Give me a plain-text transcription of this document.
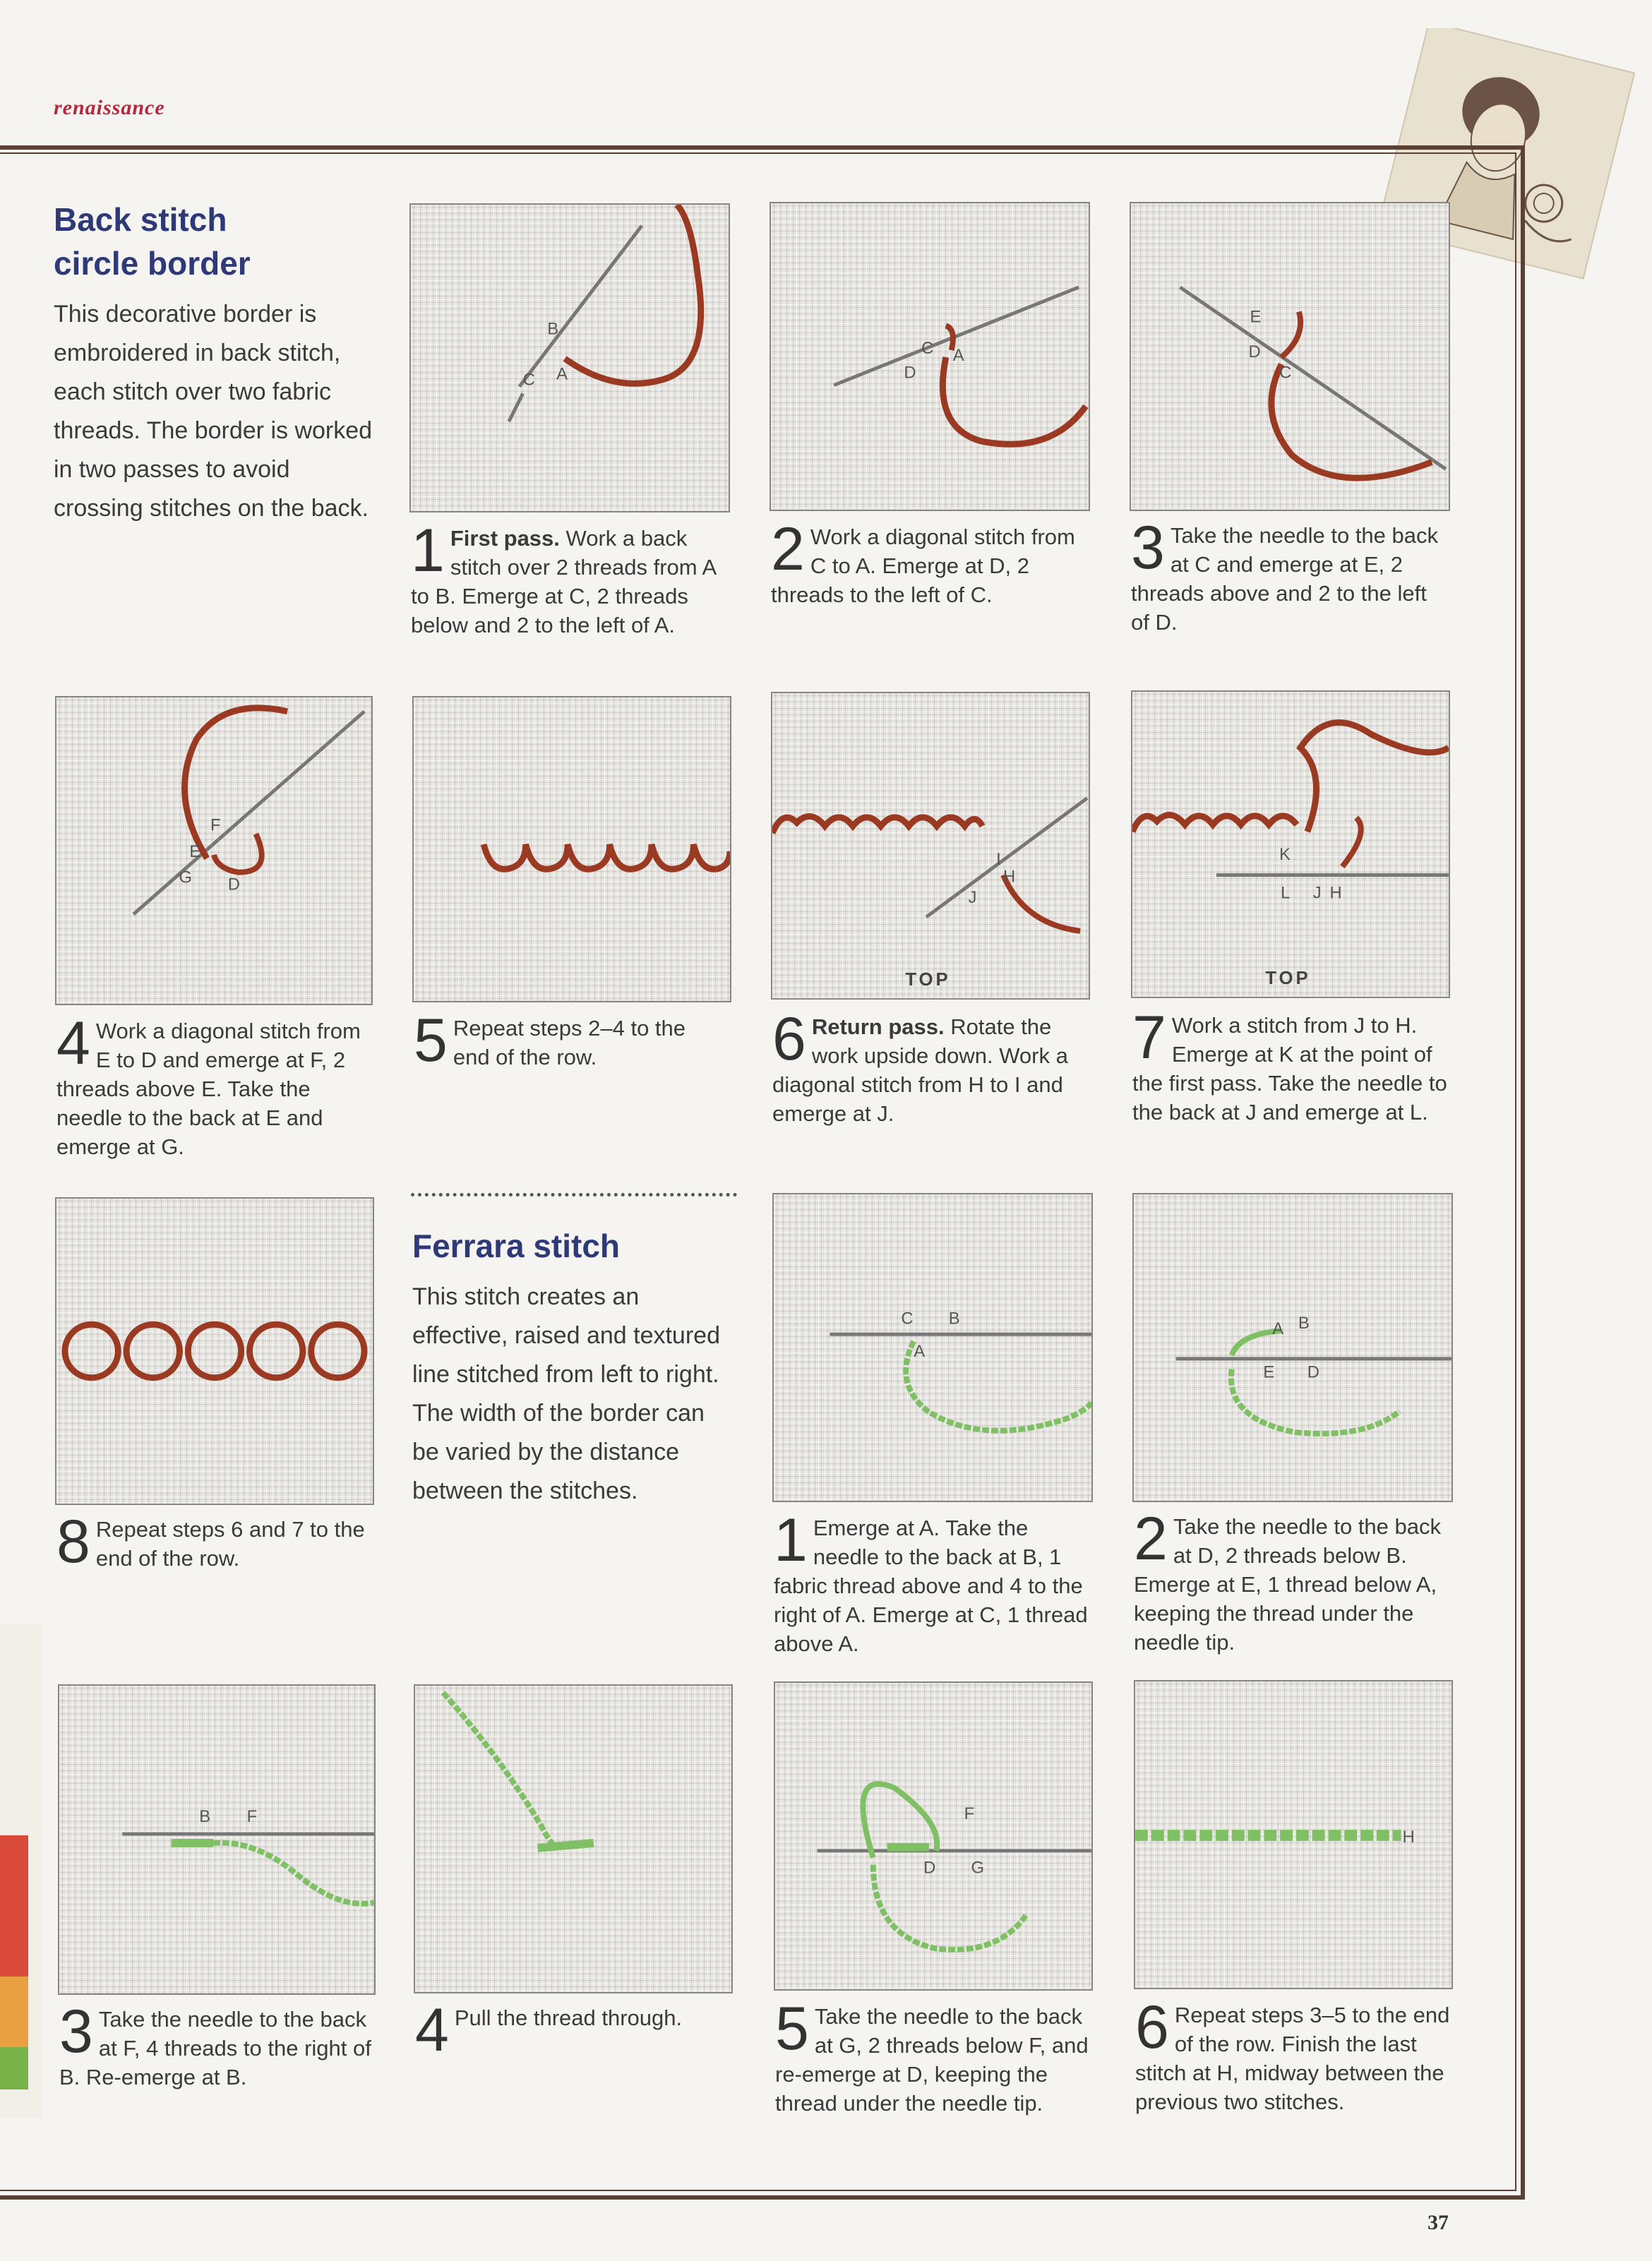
renaissance
Back stitch
circle border
This decorative border is embroidered in back stitch, each stitch over two fabric threads. The border is worked in two passes to avoid crossing stitches on the back.
B
C A
C A
D
E
D
C
1 First pass. Work a back stitch over 2 threads from A to B. Emerge at C, 2 threads below and 2 to the left of A.
2 Work a diagonal stitch from C to A. Emerge at D, 2 threads to the left of C.
3 Take the needle to the back at C and emerge at E, 2 threads above and 2 to the left of D.
F
E
G D
I
H
J
TOP
K
L J H
TOP
4 Work a diagonal stitch from E to D and emerge at F, 2 threads above E. Take the needle to the back at E and emerge at G.
5 Repeat steps 2–4 to the end of the row.	6 Return pass. Rotate the work upside down. Work a diagonal stitch from H to I and emerge at J.
7 Work a stitch from J to H. Emerge at K at the point of the first pass. Take the needle to the back at J and emerge at L.
8 Repeat steps 6 and 7 to the end of the row.
Ferrara stitch
This stitch creates an effective, raised and textured line stitched from left to right. The width of the border can be varied by the distance between the stitches.
C B
A
A B
E D
1 Emerge at A. Take the needle to the back at B, 1 fabric thread above and 4 to the right of A. Emerge at C, 1 thread above A.
2 Take the needle to the back at D, 2 threads below B. Emerge at E, 1 thread below A, keeping the thread under the needle tip.
B F	F
D G
H
3 Take the needle to the back at F, 4 threads to the right of B. Re-emerge at B.
4 Pull the thread through.	5 Take the needle to the back at G, 2 threads below F, and re-emerge at D, keeping the thread under the needle tip.
6 Repeat steps 3–5 to the end of the row. Finish the last stitch at H, midway between the previous two stitches.
37
